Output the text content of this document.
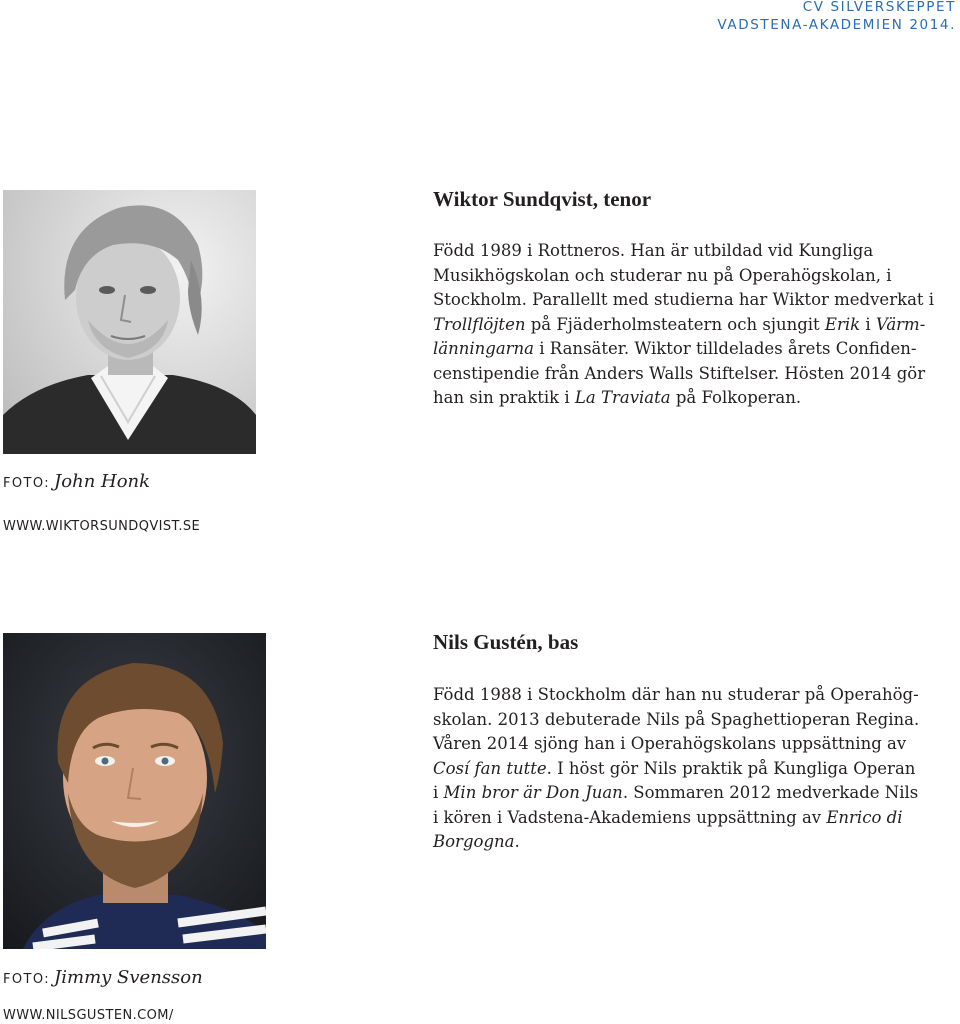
CV SILVERSKEPPET
VADSTENA-AKADEMIEN 2014.
Wiktor Sundqvist, tenor
Född 1989 i Rottneros. Han är utbildad vid Kungliga
Musikhögskolan och studerar nu på Operahögskolan, i
Stockholm. Parallellt med studierna har Wiktor medverkat i
Trollflöjten på Fjäderholmsteatern och sjungit Erik i Värm-
länningarna i Ransäter. Wiktor tilldelades årets Confiden-
censtipendie från Anders Walls Stiftelser. Hösten 2014 gör
han sin praktik i La Traviata på Folkoperan.
FOTO: John Honk
WWW.WIKTORSUNDQVIST.SE
Nils Gustén, bas
Född 1988 i Stockholm där han nu studerar på Operahög-
skolan. 2013 debuterade Nils på Spaghettioperan Regina.
Våren 2014 sjöng han i Operahögskolans uppsättning av
Cosí fan tutte. I höst gör Nils praktik på Kungliga Operan
i Min bror är Don Juan. Sommaren 2012 medverkade Nils
i kören i Vadstena-Akademiens uppsättning av Enrico di
Borgogna.
FOTO: Jimmy Svensson
WWW.NILSGUSTEN.COM/
